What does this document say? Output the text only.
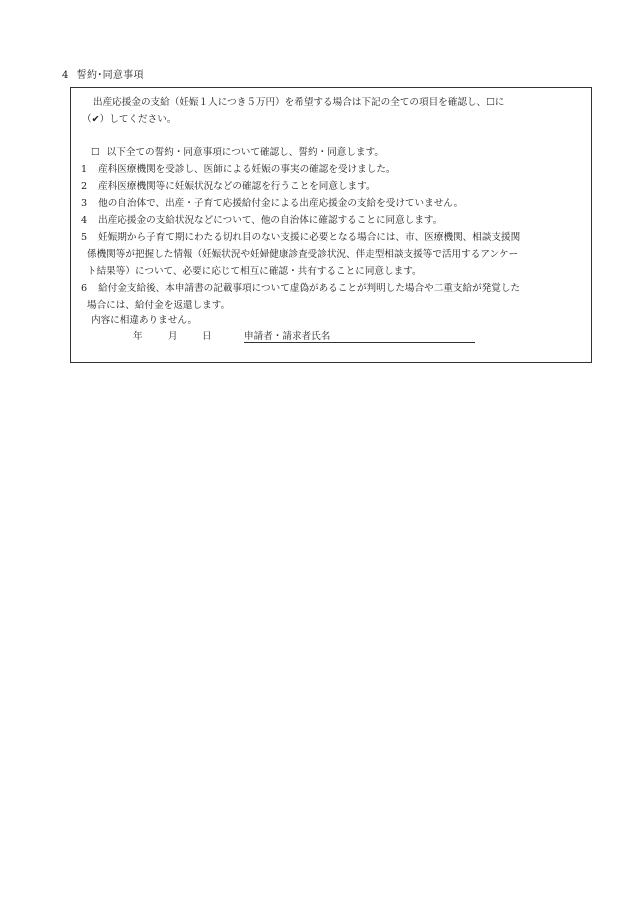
4 誓約･同意事項
出産応援金の支給（妊娠１人につき５万円）を希望する場合は下記の全ての項目を確認し、☐に
（✔）してください。
☐ 以下全ての誓約・同意事項について確認し、誓約・同意します。
1 産科医療機関を受診し、医師による妊娠の事実の確認を受けました。
2 産科医療機関等に妊娠状況などの確認を行うことを同意します。
3 他の自治体で、出産・子育て応援給付金による出産応援金の支給を受けていません。
4 出産応援金の支給状況などについて、他の自治体に確認することに同意します。
5 妊娠期から子育て期にわたる切れ目のない支援に必要となる場合には、市、医療機関、相談支援関
係機関等が把握した情報（妊娠状況や妊婦健康診査受診状況、伴走型相談支援等で活用するアンケー
ト結果等）について、必要に応じて相互に確認・共有することに同意します。
6 給付金支給後、本申請書の記載事項について虚偽があることが判明した場合や二重支給が発覚した
場合には、給付金を返還します。
内容に相違ありません。
年	月	日	申請者・請求者氏名
